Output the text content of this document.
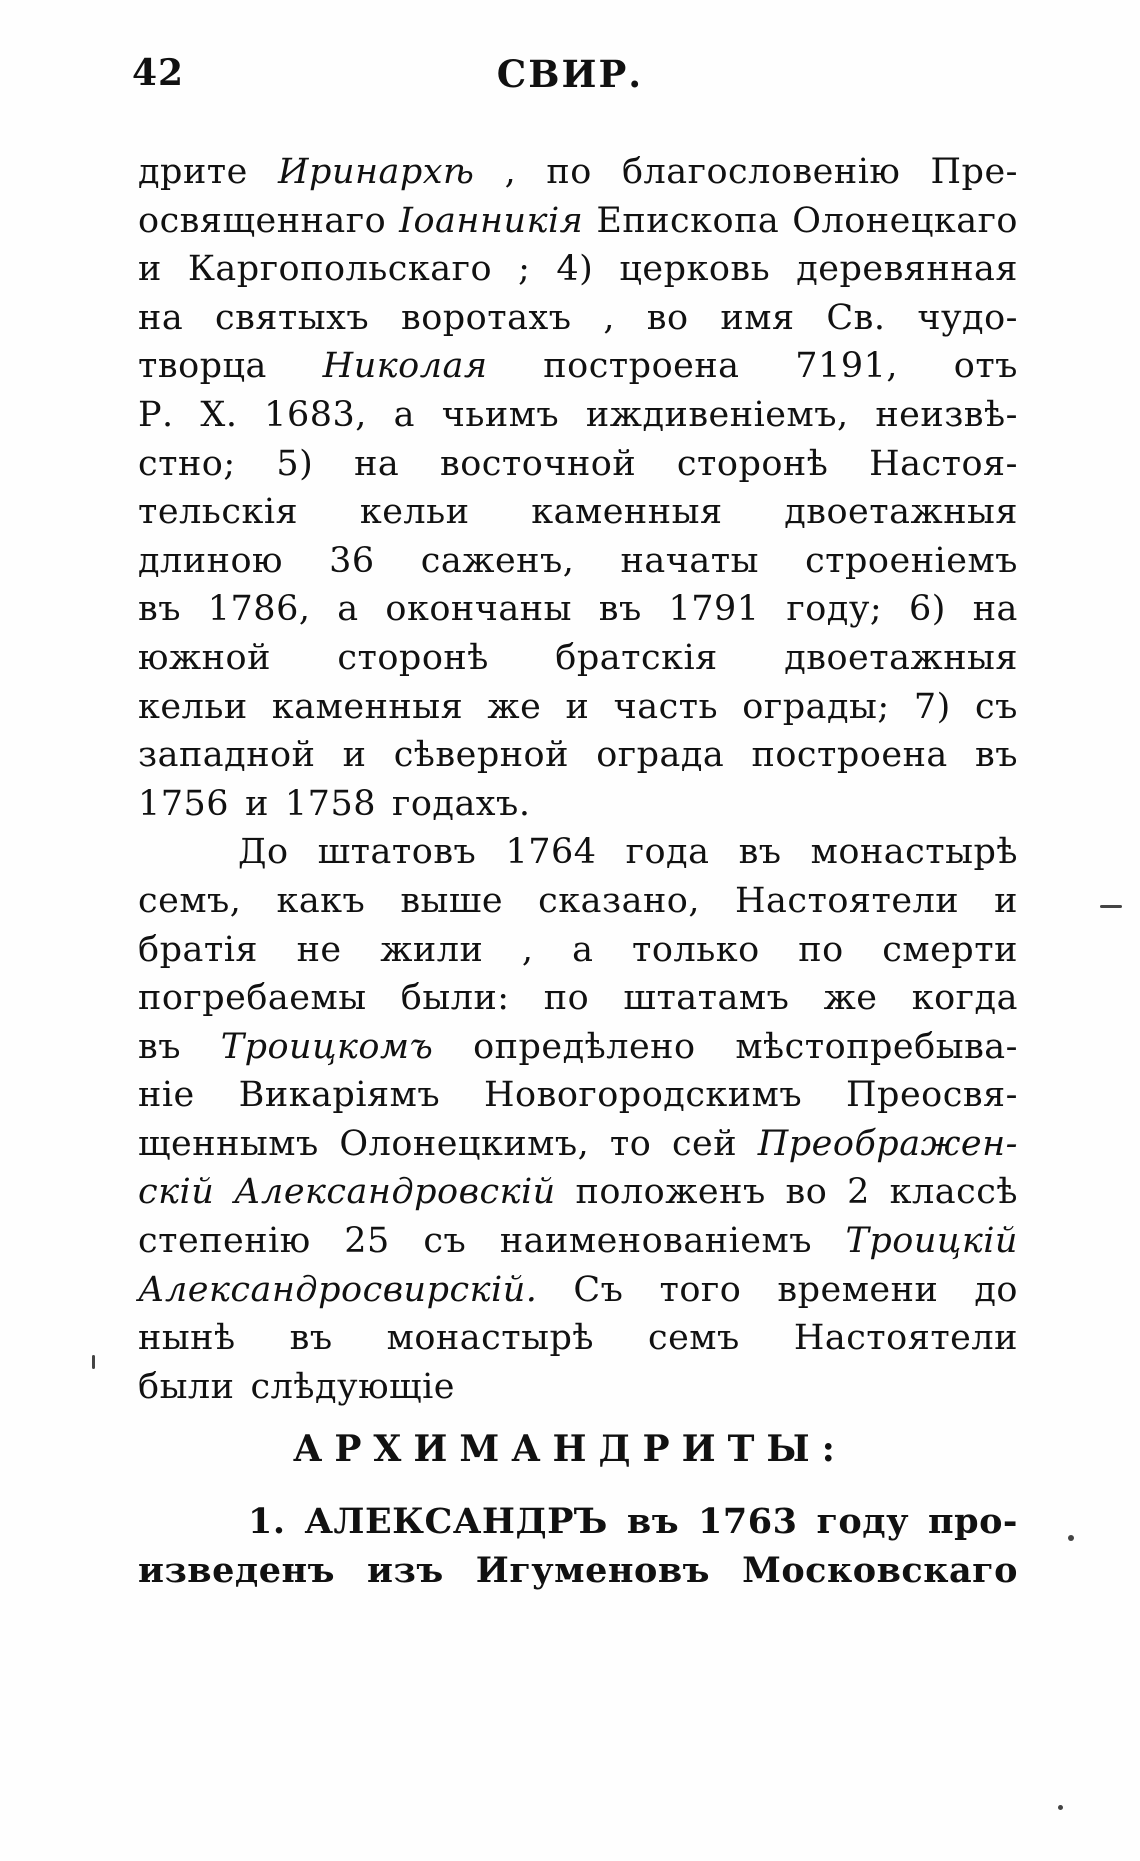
42	СВИР.
дрите Иринархѣ , по благословенію Пре-
освященнаго Іоанникія Епископа Олонецкаго
и Каргопольскаго ; 4) церковь деревянная
на святыхъ воротахъ , во имя Св. чудо-
творца Николая построена 7191, отъ
Р. Х. 1683, а чьимъ иждивеніемъ, неизвѣ-
стно; 5) на восточной сторонѣ Настоя-
тельскія кельи каменныя двоетажныя
длиною 36 саженъ, начаты строеніемъ
въ 1786, а окончаны въ 1791 году; 6) на
южной сторонѣ братскія двоетажныя
кельи каменныя же и часть ограды; 7) съ
западной и сѣверной ограда построена въ
1756 и 1758 годахъ.
До штатовъ 1764 года въ монастырѣ
семъ, какъ выше сказано, Настоятели и
братія не жили , а только по смерти
погребаемы были: по штатамъ же когда
въ Троицкомъ опредѣлено мѣстопребыва-
ніе Викаріямъ Новогородскимъ Преосвя-
щеннымъ Олонецкимъ, то сей Преображен-
скій Александровскій положенъ во 2 классѣ
степенію 25 съ наименованіемъ Троицкій
Александросвирскій. Съ того времени до
нынѣ въ монастырѣ семъ Настоятели
были слѣдующіе
АРХИМАНДРИТЫ:
1. АЛЕКСАНДРЪ въ 1763 году про-
изведенъ изъ Игуменовъ Московскаго
